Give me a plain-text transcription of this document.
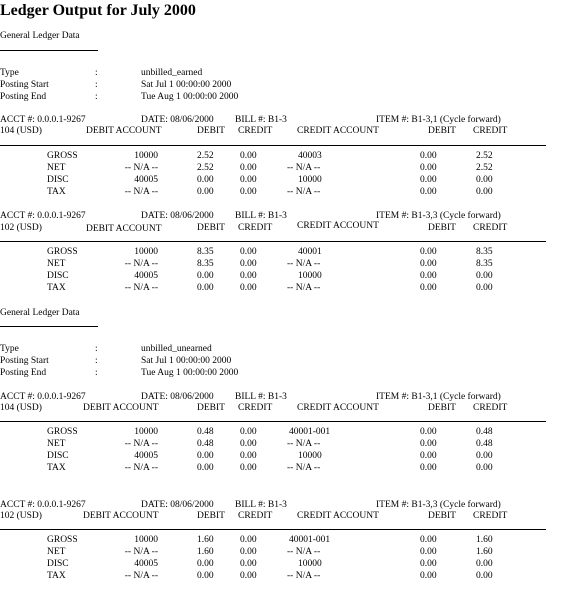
Ledger Output for July 2000
General Ledger Data
Type	:	unbilled_earned
Posting Start	:	Sat Jul 1 00:00:00 2000
Posting End	:	Tue Aug 1 00:00:00 2000
ACCT #: 0.0.0.1-9267	DATE: 08/06/2000 BILL #: B1-3	ITEM #: B1-3,1 (Cycle forward)
104 (USD)	DEBIT ACCOUNT	DEBIT CREDIT	CREDIT ACCOUNT	DEBIT CREDIT
GROSS	10000	2.52	0.00	40003	0.00	2.52
NET	-- N/A --	2.52	0.00	-- N/A --	0.00	2.52
DISC	40005	0.00	0.00	10000	0.00	0.00
TAX	-- N/A --	0.00	0.00	-- N/A --	0.00	0.00
ACCT #: 0.0.0.1-9267	DATE: 08/06/2000 BILL #: B1-3	ITEM #: B1-3,3 (Cycle forward)
102 (USD)	DEBIT ACCOUNT	DEBIT CREDIT	CREDIT ACCOUNT	DEBIT CREDIT
GROSS	10000	8.35	0.00	40001	0.00	8.35
NET	-- N/A --	8.35	0.00	-- N/A --	0.00	8.35
DISC	40005	0.00	0.00	10000	0.00	0.00
TAX	-- N/A --	0.00	0.00	-- N/A --	0.00	0.00
General Ledger Data
Type	:	unbilled_unearned
Posting Start	:	Sat Jul 1 00:00:00 2000
Posting End	:	Tue Aug 1 00:00:00 2000
ACCT #: 0.0.0.1-9267	DATE: 08/06/2000 BILL #: B1-3	ITEM #: B1-3,1 (Cycle forward)
104 (USD)	DEBIT ACCOUNT	DEBIT CREDIT	CREDIT ACCOUNT	DEBIT CREDIT
GROSS	10000	0.48	0.00	40001-001	0.00	0.48
NET	-- N/A --	0.48	0.00	-- N/A --	0.00	0.48
DISC	40005	0.00	0.00	10000	0.00	0.00
TAX	-- N/A --	0.00	0.00	-- N/A --	0.00	0.00
ACCT #: 0.0.0.1-9267	DATE: 08/06/2000 BILL #: B1-3	ITEM #: B1-3,3 (Cycle forward)
102 (USD)	DEBIT ACCOUNT	DEBIT CREDIT	CREDIT ACCOUNT	DEBIT CREDIT
GROSS	10000	1.60	0.00	40001-001	0.00	1.60
NET	-- N/A --	1.60	0.00	-- N/A --	0.00	1.60
DISC	40005	0.00	0.00	10000	0.00	0.00
TAX	-- N/A --	0.00	0.00	-- N/A --	0.00	0.00
